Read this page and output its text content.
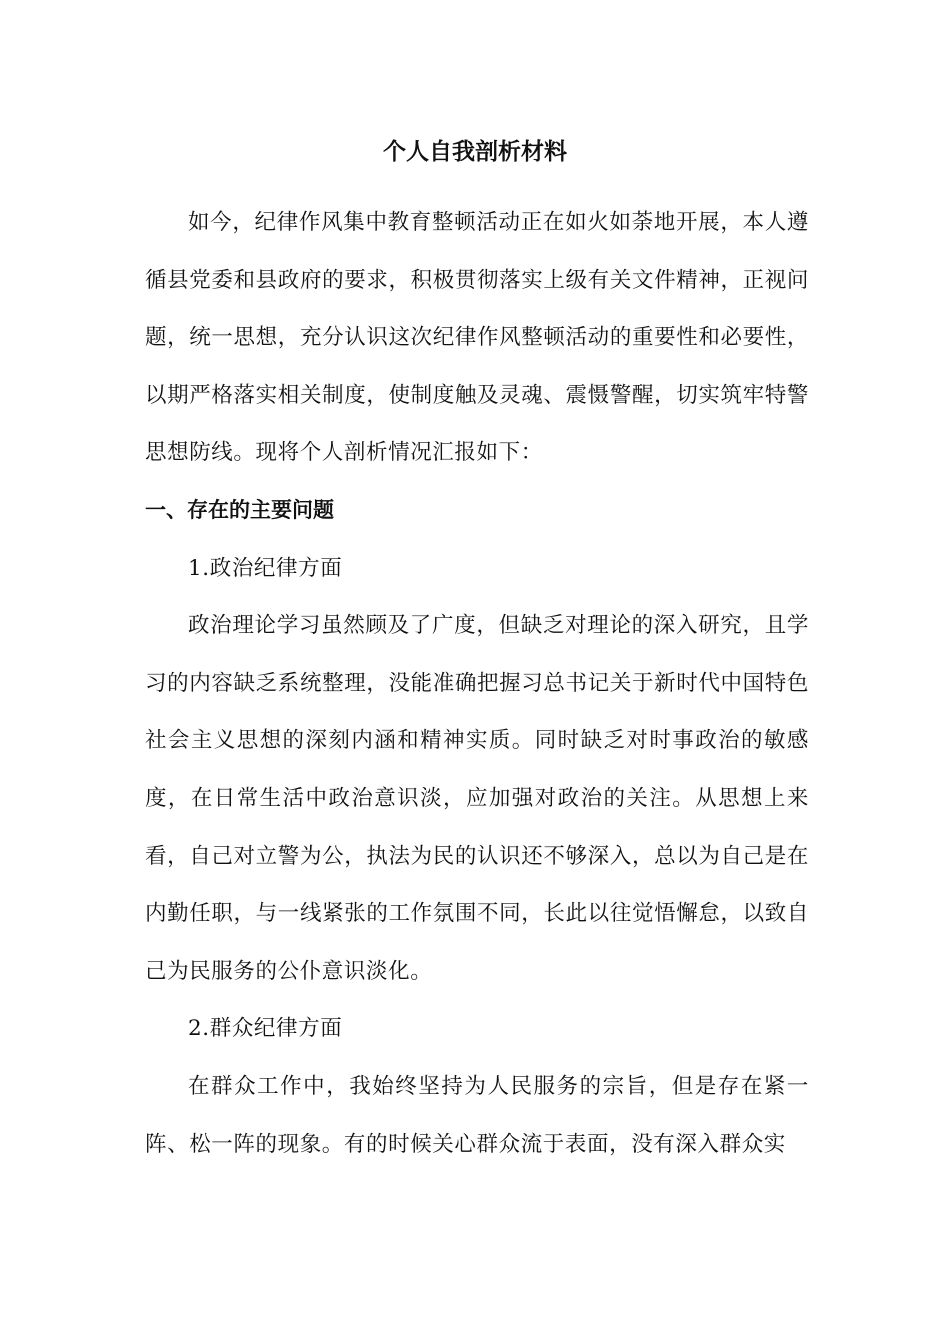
个人自我剖析材料

如今，纪律作风集中教育整顿活动正在如火如荼地开展，本人遵循县党委和县政府的要求，积极贯彻落实上级有关文件精神，正视问题，统一思想，充分认识这次纪律作风整顿活动的重要性和必要性，以期严格落实相关制度，使制度触及灵魂、震慑警醒，切实筑牢特警思想防线。现将个人剖析情况汇报如下：

一、存在的主要问题

1.政治纪律方面

政治理论学习虽然顾及了广度，但缺乏对理论的深入研究，且学习的内容缺乏系统整理，没能准确把握习总书记关于新时代中国特色社会主义思想的深刻内涵和精神实质。同时缺乏对时事政治的敏感度，在日常生活中政治意识淡，应加强对政治的关注。从思想上来看，自己对立警为公，执法为民的认识还不够深入，总以为自己是在内勤任职，与一线紧张的工作氛围不同，长此以往觉悟懈怠，以致自己为民服务的公仆意识淡化。

2.群众纪律方面

在群众工作中，我始终坚持为人民服务的宗旨，但是存在紧一阵、松一阵的现象。有的时候关心群众流于表面，没有深入群众实
